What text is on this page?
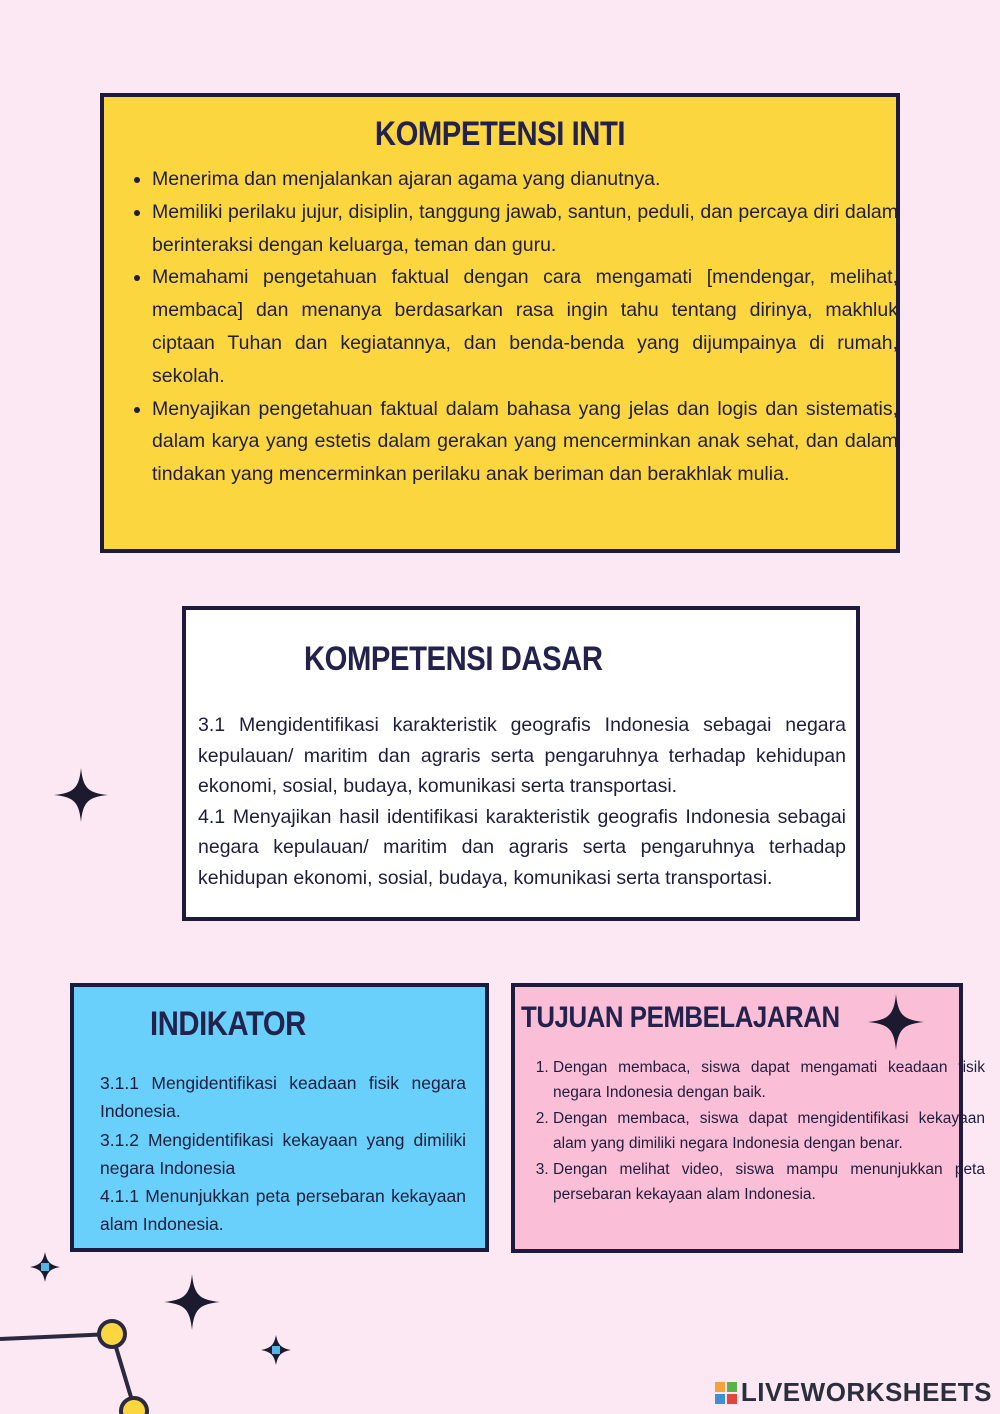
KOMPETENSI INTI
• Menerima dan menjalankan ajaran agama yang dianutnya.
• Memiliki perilaku jujur, disiplin, tanggung jawab, santun, peduli, dan percaya diri dalam berinteraksi dengan keluarga, teman dan guru.
• Memahami pengetahuan faktual dengan cara mengamati [mendengar, melihat, membaca] dan menanya berdasarkan rasa ingin tahu tentang dirinya, makhluk ciptaan Tuhan dan kegiatannya, dan benda-benda yang dijumpainya di rumah, sekolah.
• Menyajikan pengetahuan faktual dalam bahasa yang jelas dan logis dan sistematis, dalam karya yang estetis dalam gerakan yang mencerminkan anak sehat, dan dalam tindakan yang mencerminkan perilaku anak beriman dan berakhlak mulia.
KOMPETENSI DASAR

3.1 Mengidentifikasi karakteristik geografis Indonesia sebagai negara kepulauan/ maritim dan agraris serta pengaruhnya terhadap kehidupan ekonomi, sosial, budaya, komunikasi serta transportasi.

4.1 Menyajikan hasil identifikasi karakteristik geografis Indonesia sebagai negara kepulauan/ maritim dan agraris serta pengaruhnya terhadap kehidupan ekonomi, sosial, budaya, komunikasi serta transportasi.

INDIKATOR

3.1.1 Mengidentifikasi keadaan fisik negara Indonesia.

3.1.2 Mengidentifikasi kekayaan yang dimiliki negara Indonesia

4.1.1 Menunjukkan peta persebaran kekayaan alam Indonesia.

TUJUAN PEMBELAJARAN
1. Dengan membaca, siswa dapat mengamati keadaan fisik negara Indonesia dengan baik.
2. Dengan membaca, siswa dapat mengidentifikasi kekayaan alam yang dimiliki negara Indonesia dengan benar.
3. Dengan melihat video, siswa mampu menunjukkan peta persebaran kekayaan alam Indonesia.
LIVEWORKSHEETS
